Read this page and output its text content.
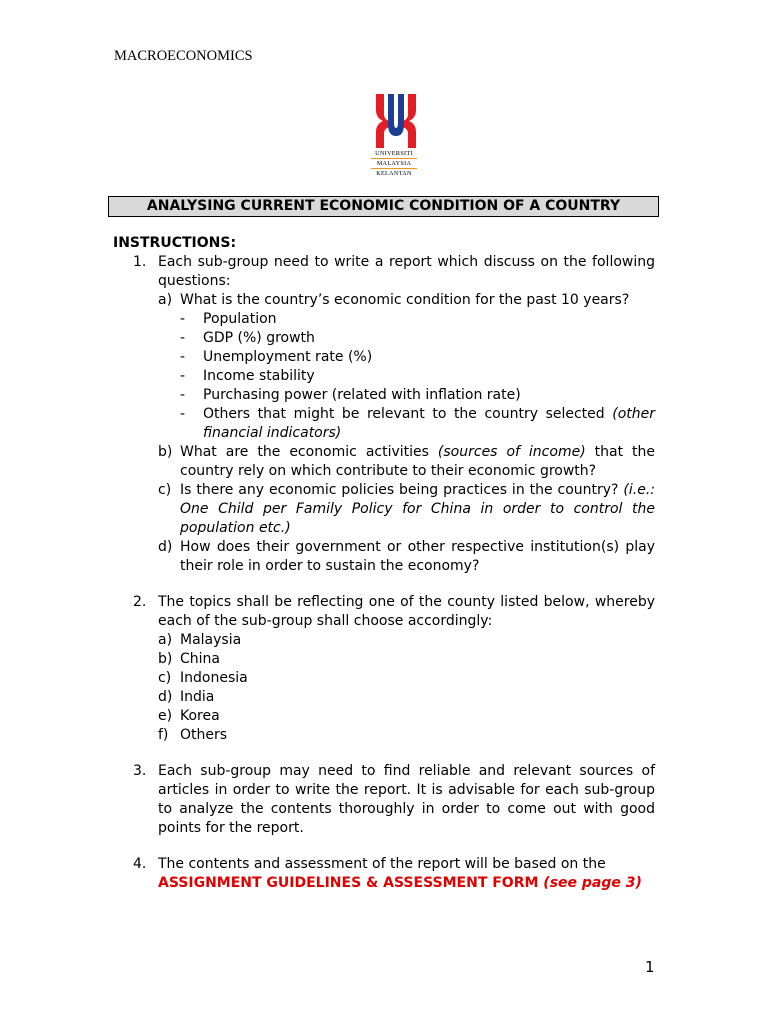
MACROECONOMICS
UNIVERSITI
MALAYSIA
KELANTAN
ANALYSING CURRENT ECONOMIC CONDITION OF A COUNTRY
INSTRUCTIONS:
1. Each sub-group need to write a report which discuss on the following questions:
a) What is the country’s economic condition for the past 10 years?
- Population
- GDP (%) growth
- Unemployment rate (%)
- Income stability
- Purchasing power (related with inflation rate)
- Others that might be relevant to the country selected (other financial indicators)
b) What are the economic activities (sources of income) that the country rely on which contribute to their economic growth?
c) Is there any economic policies being practices in the country? (i.e.: One Child per Family Policy for China in order to control the population etc.)
d) How does their government or other respective institution(s) play their role in order to sustain the economy?
2. The topics shall be reflecting one of the county listed below, whereby each of the sub-group shall choose accordingly:
a) Malaysia
b) China
c) Indonesia
d) India
e) Korea
f) Others
3. Each sub-group may need to find reliable and relevant sources of articles in order to write the report. It is advisable for each sub-group to analyze the contents thoroughly in order to come out with good points for the report.
4. The contents and assessment of the report will be based on the
ASSIGNMENT GUIDELINES & ASSESSMENT FORM (see page 3)
1
